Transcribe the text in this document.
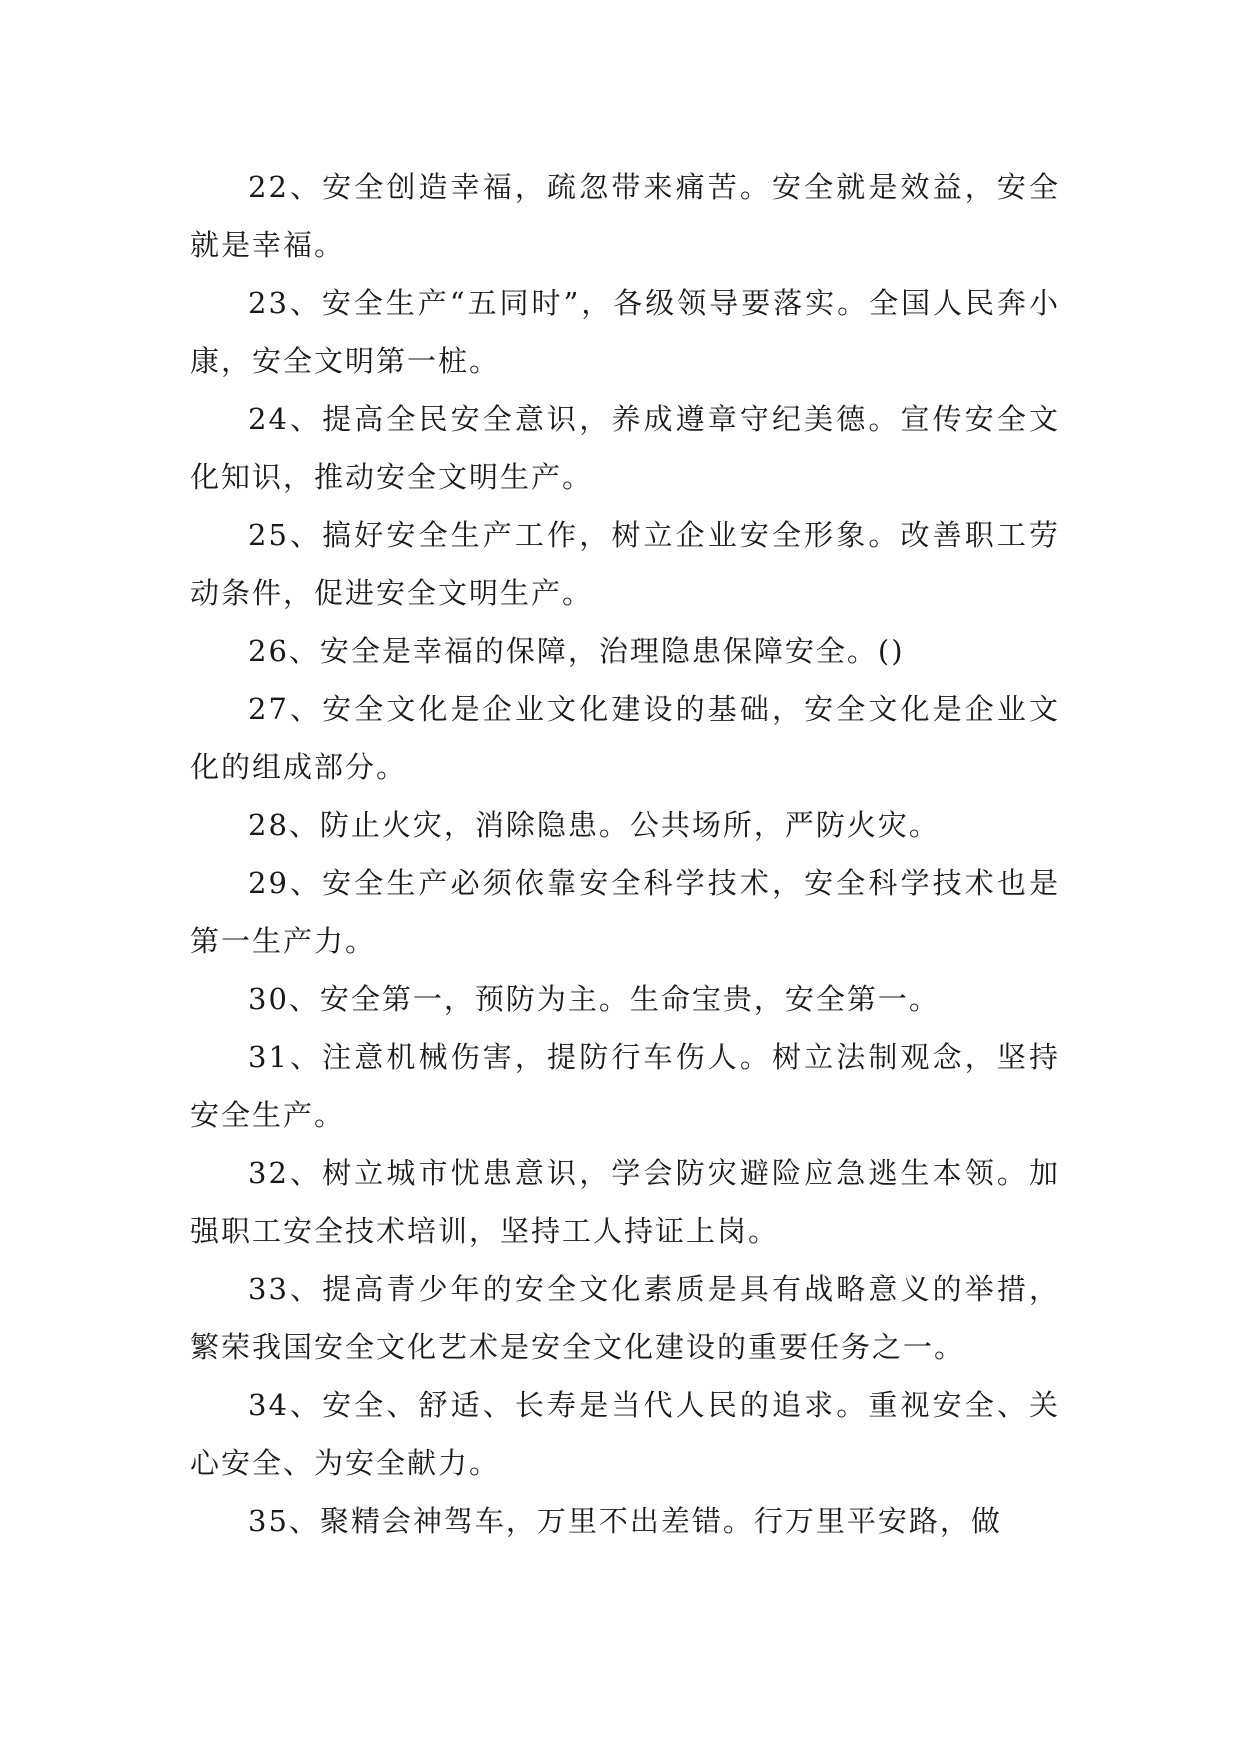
22、安全创造幸福，疏忽带来痛苦。安全就是效益，安全就是幸福。

23、安全生产“五同时”，各级领导要落实。全国人民奔小康，安全文明第一桩。

24、提高全民安全意识，养成遵章守纪美德。宣传安全文化知识，推动安全文明生产。

25、搞好安全生产工作，树立企业安全形象。改善职工劳动条件，促进安全文明生产。

26、安全是幸福的保障，治理隐患保障安全。()

27、安全文化是企业文化建设的基础，安全文化是企业文化的组成部分。

28、防止火灾，消除隐患。公共场所，严防火灾。

29、安全生产必须依靠安全科学技术，安全科学技术也是第一生产力。

30、安全第一，预防为主。生命宝贵，安全第一。

31、注意机械伤害，提防行车伤人。树立法制观念，坚持安全生产。

32、树立城市忧患意识，学会防灾避险应急逃生本领。加强职工安全技术培训，坚持工人持证上岗。

33、提高青少年的安全文化素质是具有战略意义的举措，繁荣我国安全文化艺术是安全文化建设的重要任务之一。

34、安全、舒适、长寿是当代人民的追求。重视安全、关心安全、为安全献力。

35、聚精会神驾车，万里不出差错。行万里平安路，做
